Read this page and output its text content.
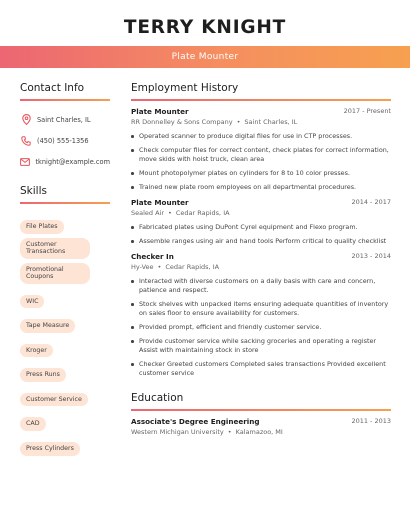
TERRY KNIGHT
Plate Mounter
Contact Info
Saint Charles, IL
(450) 555-1356
tknight@example.com
Skills
File Plates
Customer Transactions
Promotional Coupons
WIC
Tape Measure
Kroger
Press Runs
Customer Service
CAD
Press Cylinders
Employment History
Plate Mounter	2017 - Present
RR Donnelley & Sons Company • Saint Charles, IL
Operated scanner to produce digital files for use in CTP processes.
Check computer files for correct content, check plates for correct information, move skids with hoist truck, clean area
Mount photopolymer plates on cylinders for 8 to 10 color presses.
Trained new plate room employees on all departmental procedures.
Plate Mounter	2014 - 2017
Sealed Air • Cedar Rapids, IA
Fabricated plates using DuPont Cyrel equipment and Flexo program.
Assemble ranges using air and hand tools Perform critical to quality checklist
Checker In	2013 - 2014
Hy-Vee • Cedar Rapids, IA
Interacted with diverse customers on a daily basis with care and concern, patience and respect.
Stock shelves with unpacked items ensuring adequate quantities of inventory on sales floor to ensure availability for customers.
Provided prompt, efficient and friendly customer service.
Provide customer service while sacking groceries and operating a register Assist with maintaining stock in store
Checker Greeted customers Completed sales transactions Provided excellent customer service
Education
Associate's Degree Engineering	2011 - 2013
Western Michigan University • Kalamazoo, MI
